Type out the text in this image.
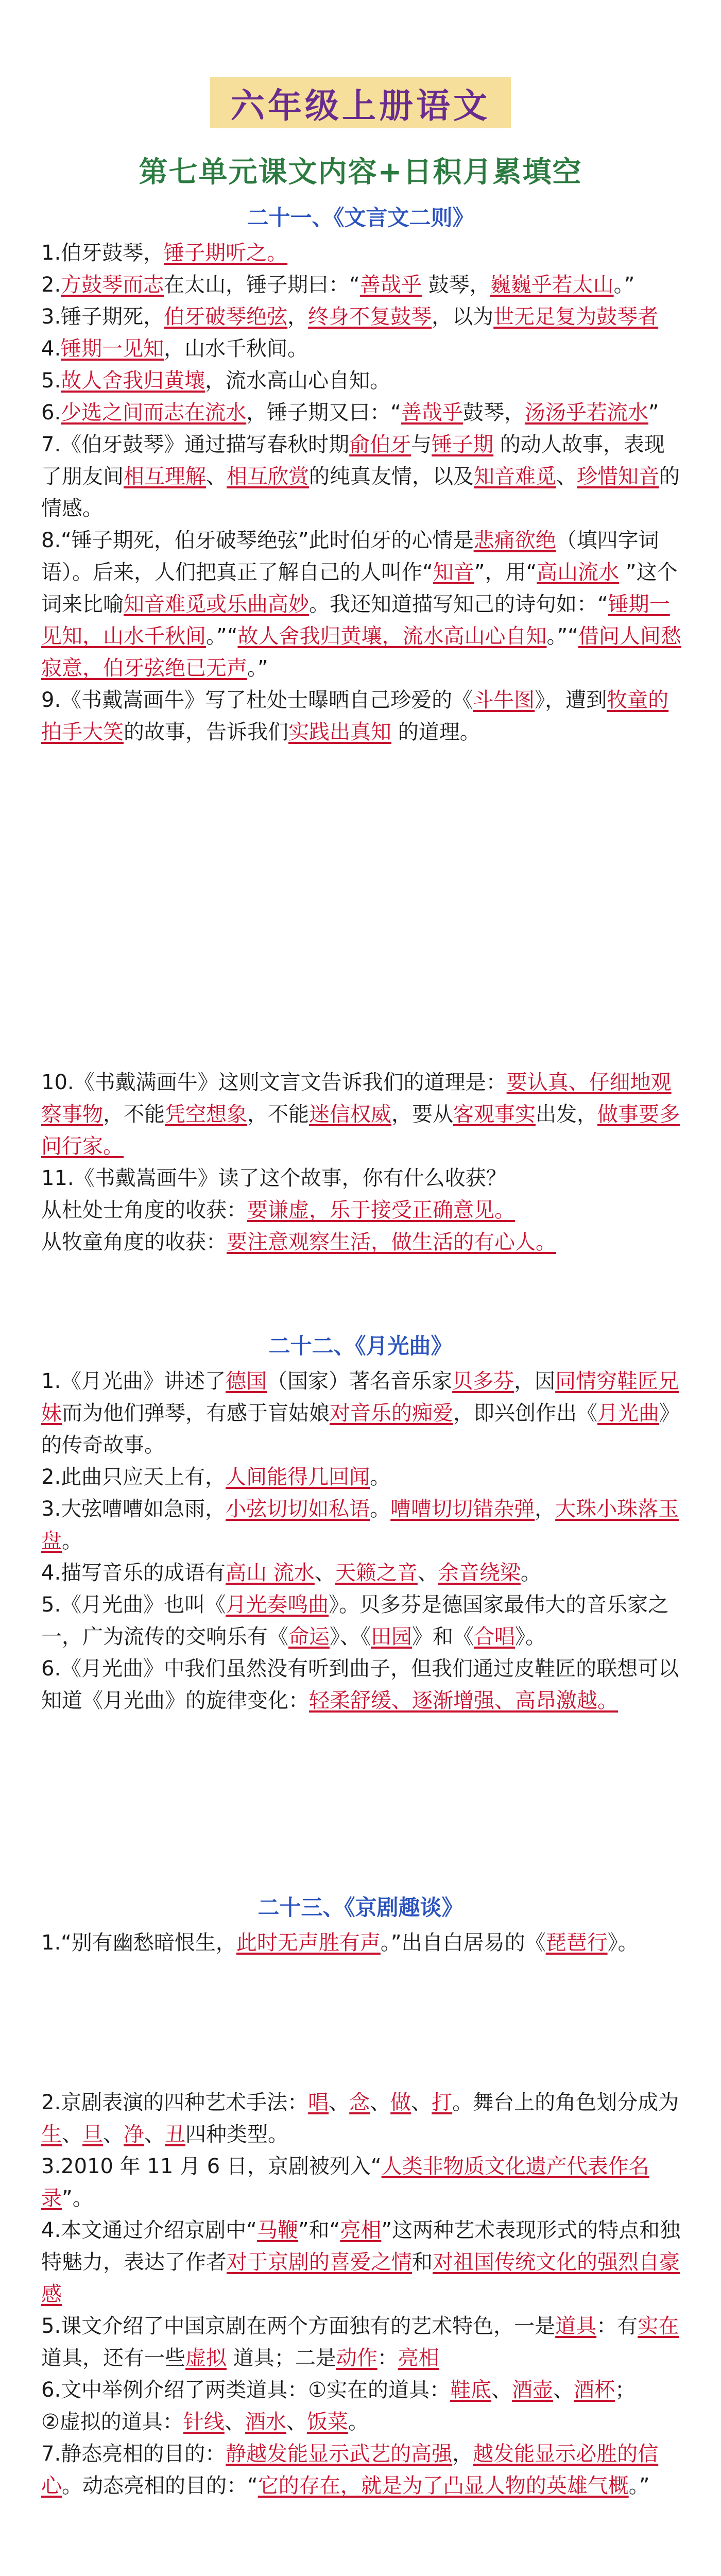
六年级上册语文
第七单元课文内容+日积月累填空
二十一、《文言文二则》

1.伯牙鼓琴，锤子期听之。

2.方鼓琴而志在太山，锤子期曰：“善哉乎 鼓琴，巍巍乎若太山。”

3.锤子期死，伯牙破琴绝弦，终身不复鼓琴，以为世无足复为鼓琴者

4.锤期一见知，山水千秋间。

5.故人舍我归黄壤，流水高山心自知。

6.少选之间而志在流水，锤子期又曰：“善哉乎鼓琴，汤汤乎若流水”

7.《伯牙鼓琴》通过描写春秋时期俞伯牙与锤子期 的动人故事，表现了朋友间相互理解、相互欣赏的纯真友情，以及知音难觅、珍惜知音的情感。

8.“锤子期死，伯牙破琴绝弦”此时伯牙的心情是悲痛欲绝（填四字词语）。后来，人们把真正了解自己的人叫作“知音”，用“高山流水 ”这个词来比喻知音难觅或乐曲高妙。我还知道描写知己的诗句如：“锤期一见知，山水千秋间。”“故人舍我归黄壤，流水高山心自知。”“借问人间愁寂意，伯牙弦绝已无声。”

9.《书戴嵩画牛》写了杜处士曝晒自己珍爱的《斗牛图》，遭到牧童的拍手大笑的故事，告诉我们实践出真知 的道理。

10.《书戴满画牛》这则文言文告诉我们的道理是：要认真、仔细地观察事物，不能凭空想象，不能迷信权威，要从客观事实出发，做事要多问行家。

11.《书戴嵩画牛》读了这个故事，你有什么收获？

从杜处士角度的收获：要谦虚，乐于接受正确意见。

从牧童角度的收获：要注意观察生活，做生活的有心人。

二十二、《月光曲》

1.《月光曲》讲述了德国（国家）著名音乐家贝多芬，因同情穷鞋匠兄妹而为他们弹琴，有感于盲姑娘对音乐的痴爱，即兴创作出《月光曲》的传奇故事。

2.此曲只应天上有，人间能得几回闻。

3.大弦嘈嘈如急雨，小弦切切如私语。嘈嘈切切错杂弹，大珠小珠落玉盘。

4.描写音乐的成语有高山 流水、天籁之音、余音绕梁。

5.《月光曲》也叫《月光奏鸣曲》。贝多芬是德国家最伟大的音乐家之一，广为流传的交响乐有《命运》、《田园》和《合唱》。

6.《月光曲》中我们虽然没有听到曲子，但我们通过皮鞋匠的联想可以知道《月光曲》的旋律变化：轻柔舒缓、逐渐增强、高昂激越。

二十三、《京剧趣谈》

1.“别有幽愁暗恨生，此时无声胜有声。”出自白居易的《琵琶行》。

2.京剧表演的四种艺术手法：唱、念、做、打。舞台上的角色划分成为生、旦、净、丑四种类型。

3.2010 年 11 月 6 日，京剧被列入“人类非物质文化遗产代表作名录”。

4.本文通过介绍京剧中“马鞭”和“亮相”这两种艺术表现形式的特点和独特魅力，表达了作者对于京剧的喜爱之情和对祖国传统文化的强烈自豪感

5.课文介绍了中国京剧在两个方面独有的艺术特色，一是道具：有实在道具，还有一些虚拟 道具；二是动作：亮相

6.文中举例介绍了两类道具：①实在的道具：鞋底、酒壶、酒杯；

②虚拟的道具：针线、酒水、饭菜。

7.静态亮相的目的：静越发能显示武艺的高强，越发能显示必胜的信心。动态亮相的目的：“它的存在，就是为了凸显人物的英雄气概。”
